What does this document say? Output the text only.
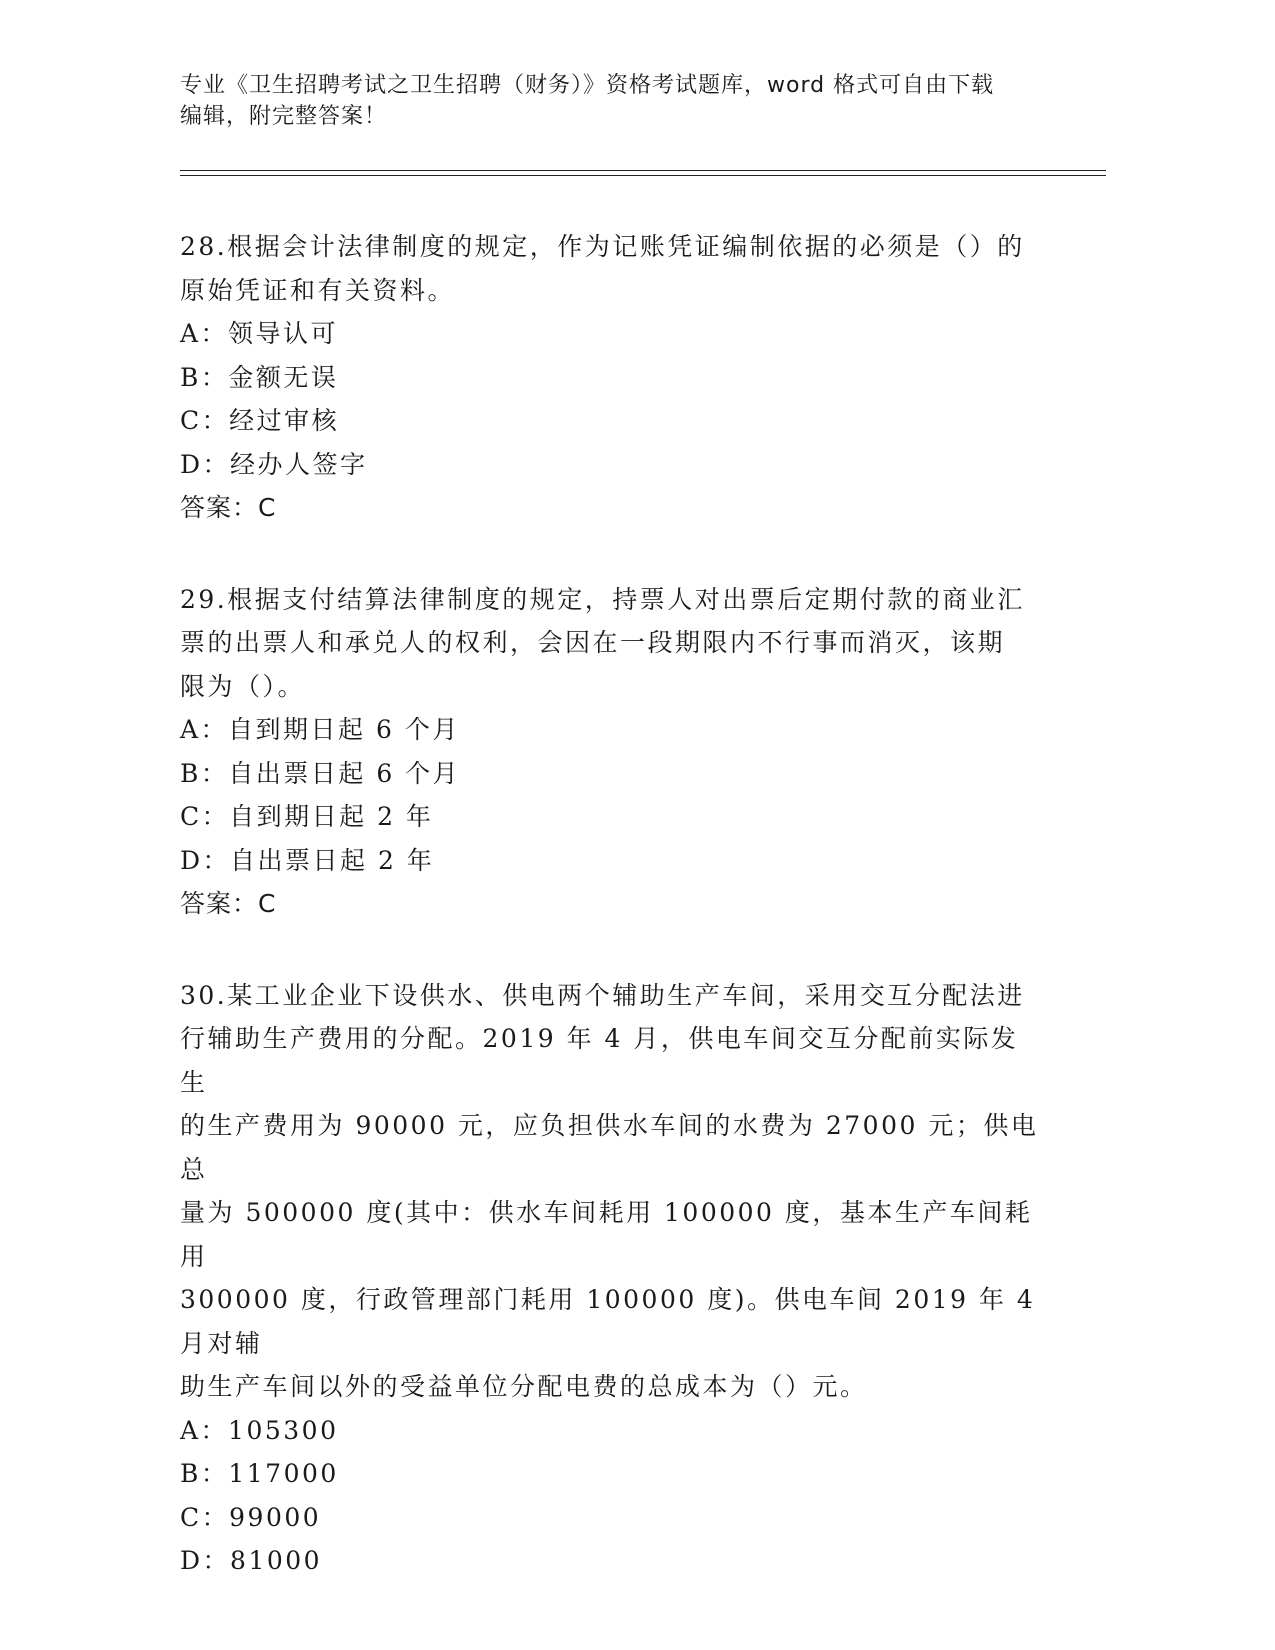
专业《卫生招聘考试之卫生招聘（财务）》资格考试题库，word 格式可自由下载
编辑，附完整答案！
28.根据会计法律制度的规定，作为记账凭证编制依据的必须是（）的
原始凭证和有关资料。
A：领导认可
B：金额无误
C：经过审核
D：经办人签字
答案：C
29.根据支付结算法律制度的规定，持票人对出票后定期付款的商业汇
票的出票人和承兑人的权利，会因在一段期限内不行事而消灭，该期
限为（）。
A：自到期日起 6 个月
B：自出票日起 6 个月
C：自到期日起 2 年
D：自出票日起 2 年
答案：C
30.某工业企业下设供水、供电两个辅助生产车间，采用交互分配法进
行辅助生产费用的分配。2019 年 4 月，供电车间交互分配前实际发生
的生产费用为 90000 元，应负担供水车间的水费为 27000 元；供电总
量为 500000 度(其中：供水车间耗用 100000 度，基本生产车间耗用
300000 度，行政管理部门耗用 100000 度)。供电车间 2019 年 4 月对辅
助生产车间以外的受益单位分配电费的总成本为（）元。
A：105300
B：117000
C：99000
D：81000
